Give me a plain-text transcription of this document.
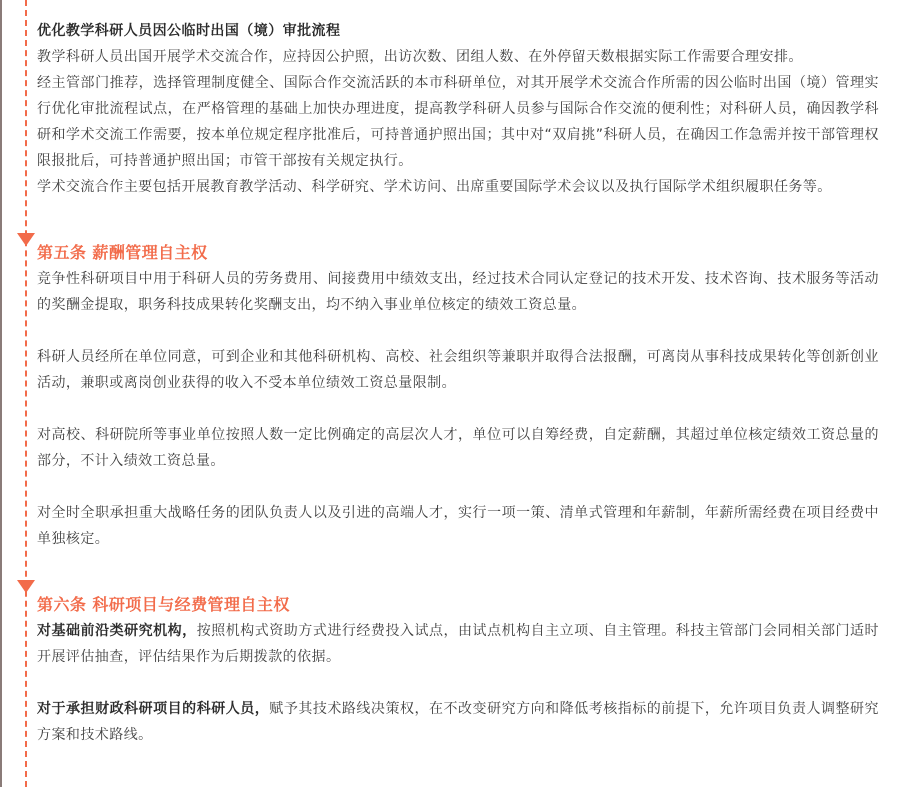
优化教学科研人员因公临时出国（境）审批流程

教学科研人员出国开展学术交流合作，应持因公护照，出访次数、团组人数、在外停留天数根据实际工作需要合理安排。

经主管部门推荐，选择管理制度健全、国际合作交流活跃的本市科研单位，对其开展学术交流合作所需的因公临时出国（境）管理实行优化审批流程试点，在严格管理的基础上加快办理进度，提高教学科研人员参与国际合作交流的便利性；对科研人员，确因教学科研和学术交流工作需要，按本单位规定程序批准后，可持普通护照出国；其中对“双肩挑”科研人员，在确因工作急需并按干部管理权限报批后，可持普通护照出国；市管干部按有关规定执行。

学术交流合作主要包括开展教育教学活动、科学研究、学术访问、出席重要国际学术会议以及执行国际学术组织履职任务等。

第五条 薪酬管理自主权

竞争性科研项目中用于科研人员的劳务费用、间接费用中绩效支出，经过技术合同认定登记的技术开发、技术咨询、技术服务等活动的奖酬金提取，职务科技成果转化奖酬支出，均不纳入事业单位核定的绩效工资总量。

科研人员经所在单位同意，可到企业和其他科研机构、高校、社会组织等兼职并取得合法报酬，可离岗从事科技成果转化等创新创业活动，兼职或离岗创业获得的收入不受本单位绩效工资总量限制。

对高校、科研院所等事业单位按照人数一定比例确定的高层次人才，单位可以自筹经费，自定薪酬，其超过单位核定绩效工资总量的部分，不计入绩效工资总量。

对全时全职承担重大战略任务的团队负责人以及引进的高端人才，实行一项一策、清单式管理和年薪制，年薪所需经费在项目经费中单独核定。

第六条 科研项目与经费管理自主权

对基础前沿类研究机构，按照机构式资助方式进行经费投入试点，由试点机构自主立项、自主管理。科技主管部门会同相关部门适时开展评估抽查，评估结果作为后期拨款的依据。

对于承担财政科研项目的科研人员，赋予其技术路线决策权，在不改变研究方向和降低考核指标的前提下，允许项目负责人调整研究方案和技术路线。
